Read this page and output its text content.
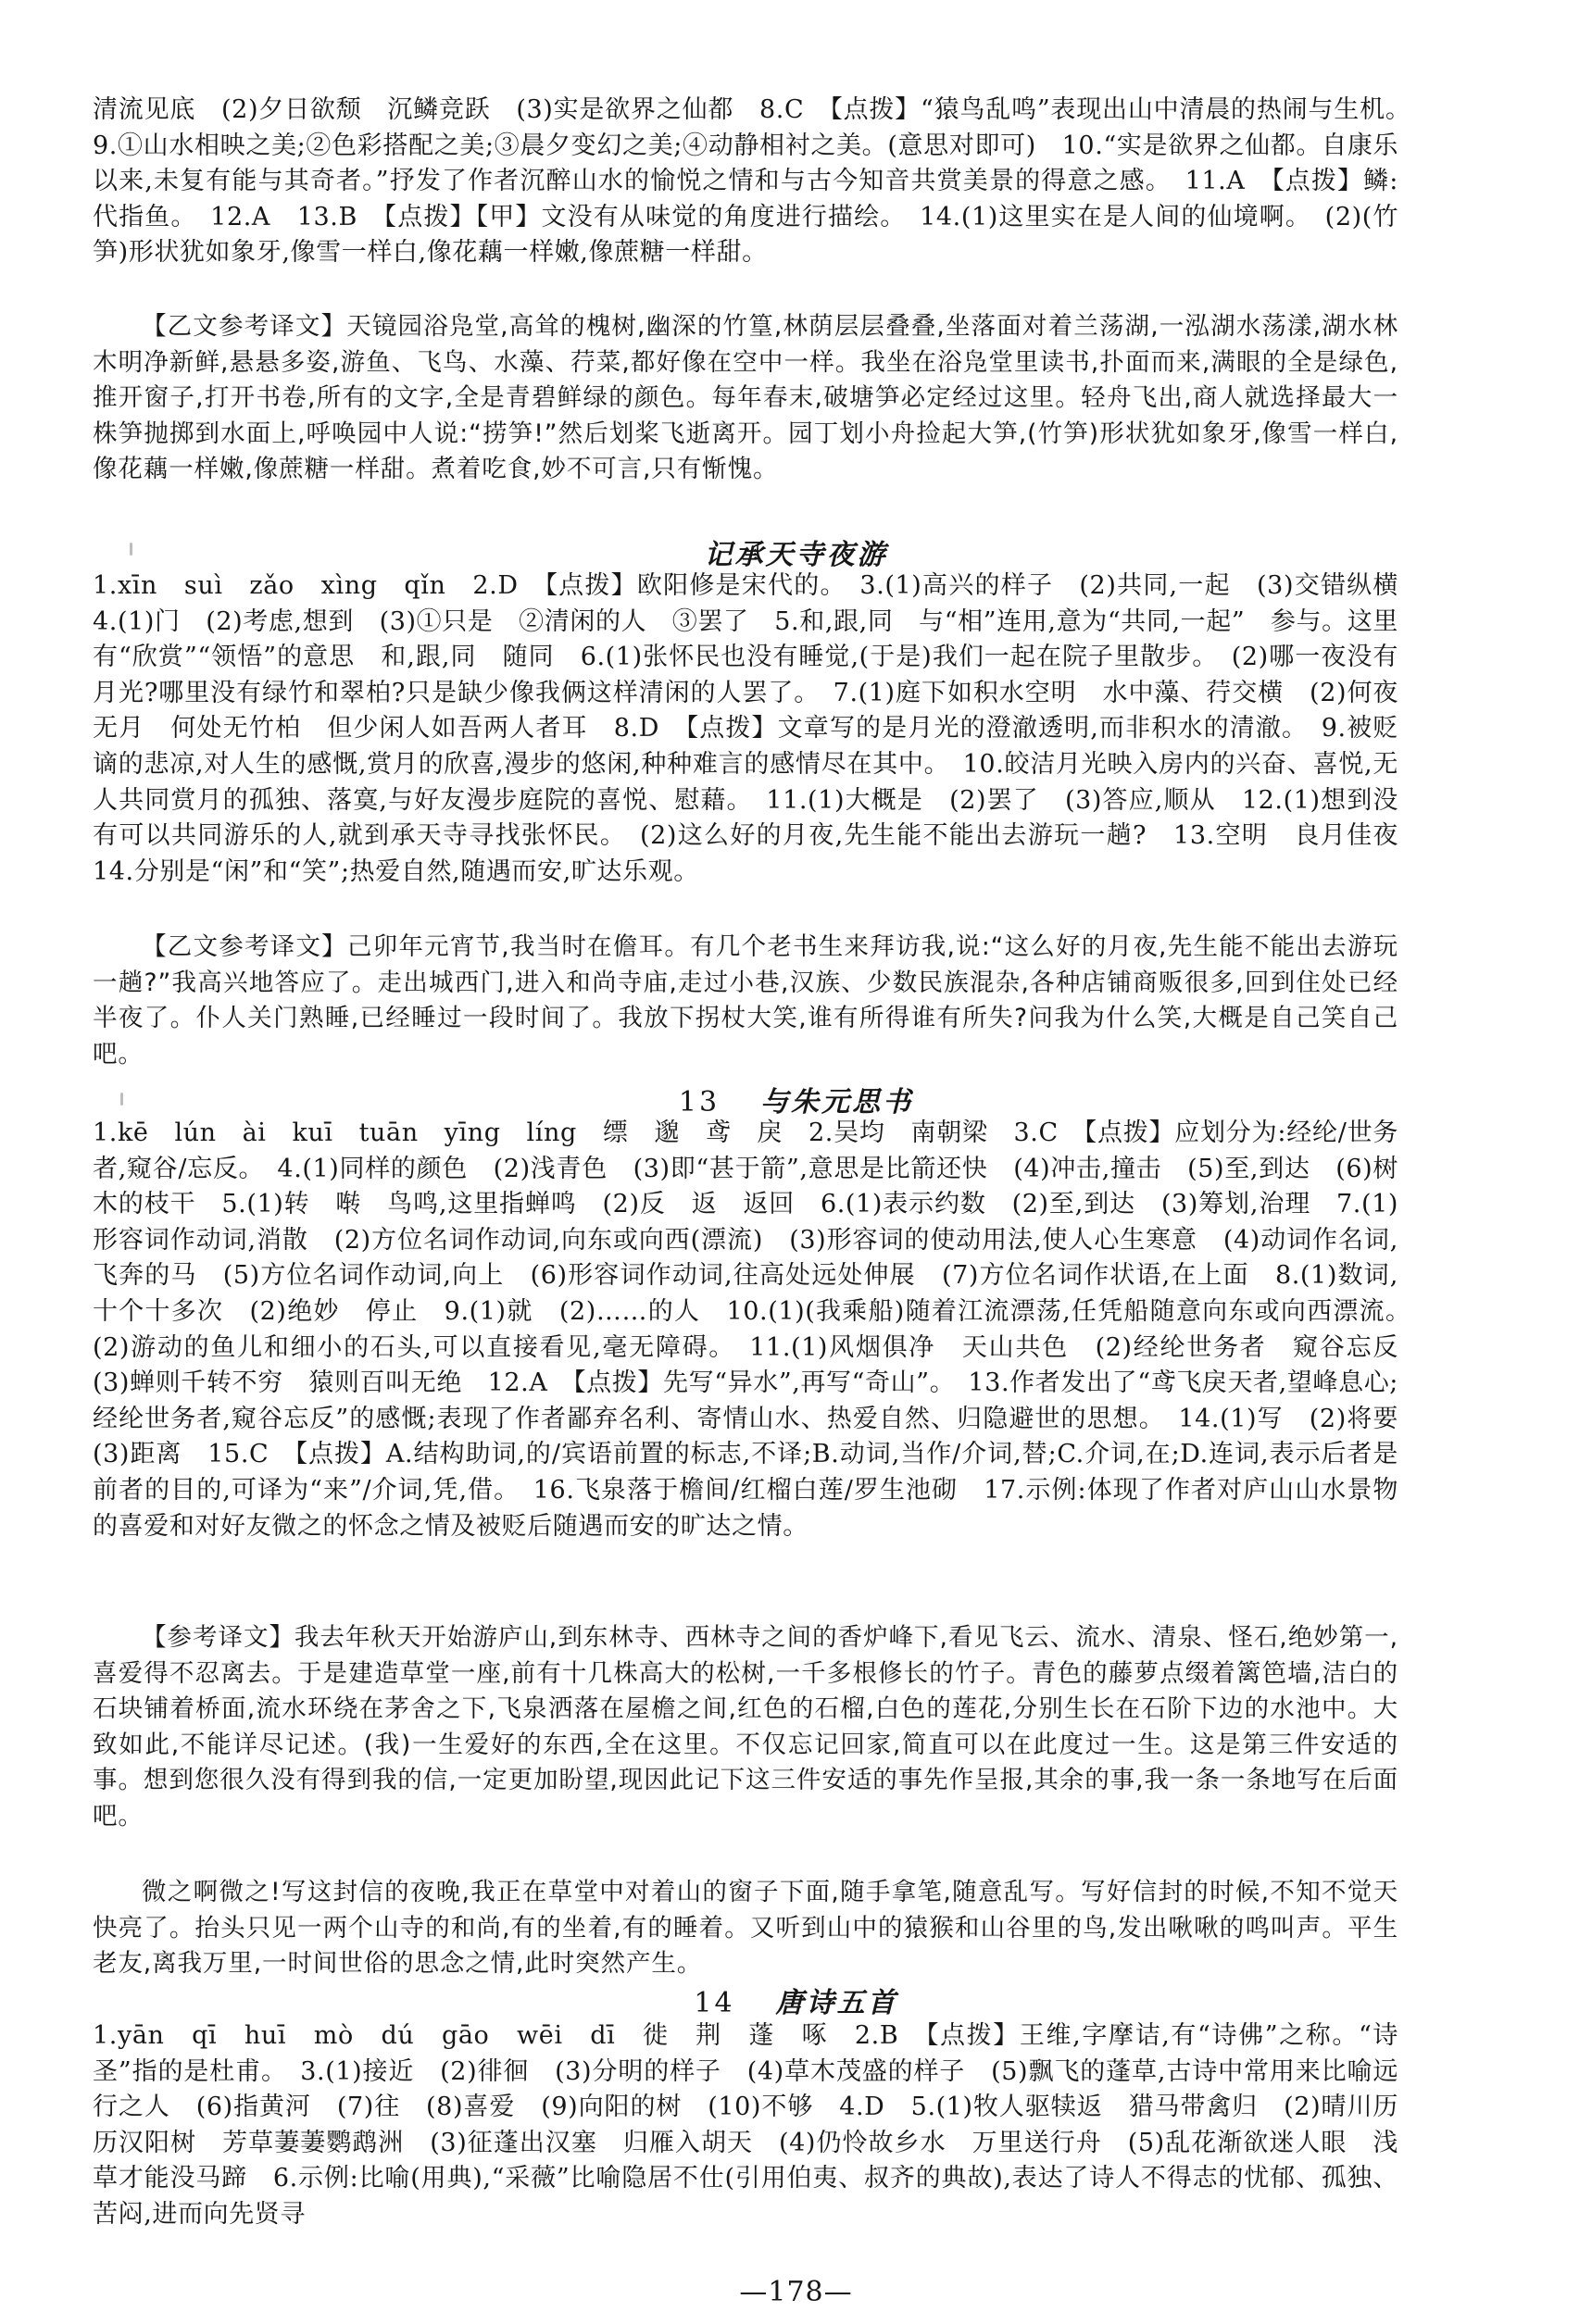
清流见底　(2)夕日欲颓　沉鳞竞跃　(3)实是欲界之仙都　8.C　【点拨】“猿鸟乱鸣”表现出山中清晨的热闹与生机。　9.①山水相映之美;②色彩搭配之美;③晨夕变幻之美;④动静相衬之美。(意思对即可)　10.“实是欲界之仙都。自康乐以来,未复有能与其奇者。”抒发了作者沉醉山水的愉悦之情和与古今知音共赏美景的得意之感。　11.A　【点拨】鳞:代指鱼。　12.A　13.B　【点拨】【甲】文没有从味觉的角度进行描绘。　14.(1)这里实在是人间的仙境啊。　(2)(竹笋)形状犹如象牙,像雪一样白,像花藕一样嫩,像蔗糖一样甜。

【乙文参考译文】天镜园浴凫堂,高耸的槐树,幽深的竹篁,林荫层层叠叠,坐落面对着兰荡湖,一泓湖水荡漾,湖水林木明净新鲜,悬悬多姿,游鱼、飞鸟、水藻、荇菜,都好像在空中一样。我坐在浴凫堂里读书,扑面而来,满眼的全是绿色,推开窗子,打开书卷,所有的文字,全是青碧鲜绿的颜色。每年春末,破塘笋必定经过这里。轻舟飞出,商人就选择最大一株笋抛掷到水面上,呼唤园中人说:“捞笋!”然后划桨飞逝离开。园丁划小舟捡起大笋,(竹笋)形状犹如象牙,像雪一样白,像花藕一样嫩,像蔗糖一样甜。煮着吃食,妙不可言,只有惭愧。

记承天寺夜游

1.xīn　suì　zǎo　xìng　qǐn　2.D　【点拨】欧阳修是宋代的。　3.(1)高兴的样子　(2)共同,一起　(3)交错纵横　4.(1)门　(2)考虑,想到　(3)①只是　②清闲的人　③罢了　5.和,跟,同　与“相”连用,意为“共同,一起”　参与。这里有“欣赏”“领悟”的意思　和,跟,同　随同　6.(1)张怀民也没有睡觉,(于是)我们一起在院子里散步。　(2)哪一夜没有月光?哪里没有绿竹和翠柏?只是缺少像我俩这样清闲的人罢了。　7.(1)庭下如积水空明　水中藻、荇交横　(2)何夜无月　何处无竹柏　但少闲人如吾两人者耳　8.D　【点拨】文章写的是月光的澄澈透明,而非积水的清澈。　9.被贬谪的悲凉,对人生的感慨,赏月的欣喜,漫步的悠闲,种种难言的感情尽在其中。　10.皎洁月光映入房内的兴奋、喜悦,无人共同赏月的孤独、落寞,与好友漫步庭院的喜悦、慰藉。　11.(1)大概是　(2)罢了　(3)答应,顺从　12.(1)想到没有可以共同游乐的人,就到承天寺寻找张怀民。　(2)这么好的月夜,先生能不能出去游玩一趟?　13.空明　良月佳夜　14.分别是“闲”和“笑”;热爱自然,随遇而安,旷达乐观。

【乙文参考译文】己卯年元宵节,我当时在儋耳。有几个老书生来拜访我,说:“这么好的月夜,先生能不能出去游玩一趟?”我高兴地答应了。走出城西门,进入和尚寺庙,走过小巷,汉族、少数民族混杂,各种店铺商贩很多,回到住处已经半夜了。仆人关门熟睡,已经睡过一段时间了。我放下拐杖大笑,谁有所得谁有所失?问我为什么笑,大概是自己笑自己吧。

13 与朱元思书

1.kē　lún　ài　kuī　tuān　yīng　líng　缥　邈　鸢　戾　2.吴均　南朝梁　3.C　【点拨】应划分为:经纶/世务者,窥谷/忘反。　4.(1)同样的颜色　(2)浅青色　(3)即“甚于箭”,意思是比箭还快　(4)冲击,撞击　(5)至,到达　(6)树木的枝干　5.(1)转　啭　鸟鸣,这里指蝉鸣　(2)反　返　返回　6.(1)表示约数　(2)至,到达　(3)筹划,治理　7.(1)形容词作动词,消散　(2)方位名词作动词,向东或向西(漂流)　(3)形容词的使动用法,使人心生寒意　(4)动词作名词,飞奔的马　(5)方位名词作动词,向上　(6)形容词作动词,往高处远处伸展　(7)方位名词作状语,在上面　8.(1)数词,十个十多次　(2)绝妙　停止　9.(1)就　(2)……的人　10.(1)(我乘船)随着江流漂荡,任凭船随意向东或向西漂流。　(2)游动的鱼儿和细小的石头,可以直接看见,毫无障碍。　11.(1)风烟俱净　天山共色　(2)经纶世务者　窥谷忘反　(3)蝉则千转不穷　猿则百叫无绝　12.A　【点拨】先写“异水”,再写“奇山”。　13.作者发出了“鸢飞戾天者,望峰息心;经纶世务者,窥谷忘反”的感慨;表现了作者鄙弃名利、寄情山水、热爱自然、归隐避世的思想。　14.(1)写　(2)将要　(3)距离　15.C　【点拨】A.结构助词,的/宾语前置的标志,不译;B.动词,当作/介词,替;C.介词,在;D.连词,表示后者是前者的目的,可译为“来”/介词,凭,借。　16.飞泉落于檐间/红榴白莲/罗生池砌　17.示例:体现了作者对庐山山水景物的喜爱和对好友微之的怀念之情及被贬后随遇而安的旷达之情。

【参考译文】我去年秋天开始游庐山,到东林寺、西林寺之间的香炉峰下,看见飞云、流水、清泉、怪石,绝妙第一,喜爱得不忍离去。于是建造草堂一座,前有十几株高大的松树,一千多根修长的竹子。青色的藤萝点缀着篱笆墙,洁白的石块铺着桥面,流水环绕在茅舍之下,飞泉洒落在屋檐之间,红色的石榴,白色的莲花,分别生长在石阶下边的水池中。大致如此,不能详尽记述。(我)一生爱好的东西,全在这里。不仅忘记回家,简直可以在此度过一生。这是第三件安适的事。想到您很久没有得到我的信,一定更加盼望,现因此记下这三件安适的事先作呈报,其余的事,我一条一条地写在后面吧。

微之啊微之!写这封信的夜晚,我正在草堂中对着山的窗子下面,随手拿笔,随意乱写。写好信封的时候,不知不觉天快亮了。抬头只见一两个山寺的和尚,有的坐着,有的睡着。又听到山中的猿猴和山谷里的鸟,发出啾啾的鸣叫声。平生老友,离我万里,一时间世俗的思念之情,此时突然产生。

14 唐诗五首

1.yān　qī　huī　mò　dú　gāo　wēi　dī　徙　荆　蓬　啄　2.B　【点拨】王维,字摩诘,有“诗佛”之称。“诗圣”指的是杜甫。　3.(1)接近　(2)徘徊　(3)分明的样子　(4)草木茂盛的样子　(5)飘飞的蓬草,古诗中常用来比喻远行之人　(6)指黄河　(7)往　(8)喜爱　(9)向阳的树　(10)不够　4.D　5.(1)牧人驱犊返　猎马带禽归　(2)晴川历历汉阳树　芳草萋萋鹦鹉洲　(3)征蓬出汉塞　归雁入胡天　(4)仍怜故乡水　万里送行舟　(5)乱花渐欲迷人眼　浅草才能没马蹄　6.示例:比喻(用典),“采薇”比喻隐居不仕(引用伯夷、叔齐的典故),表达了诗人不得志的忧郁、孤独、苦闷,进而向先贤寻

—178—
